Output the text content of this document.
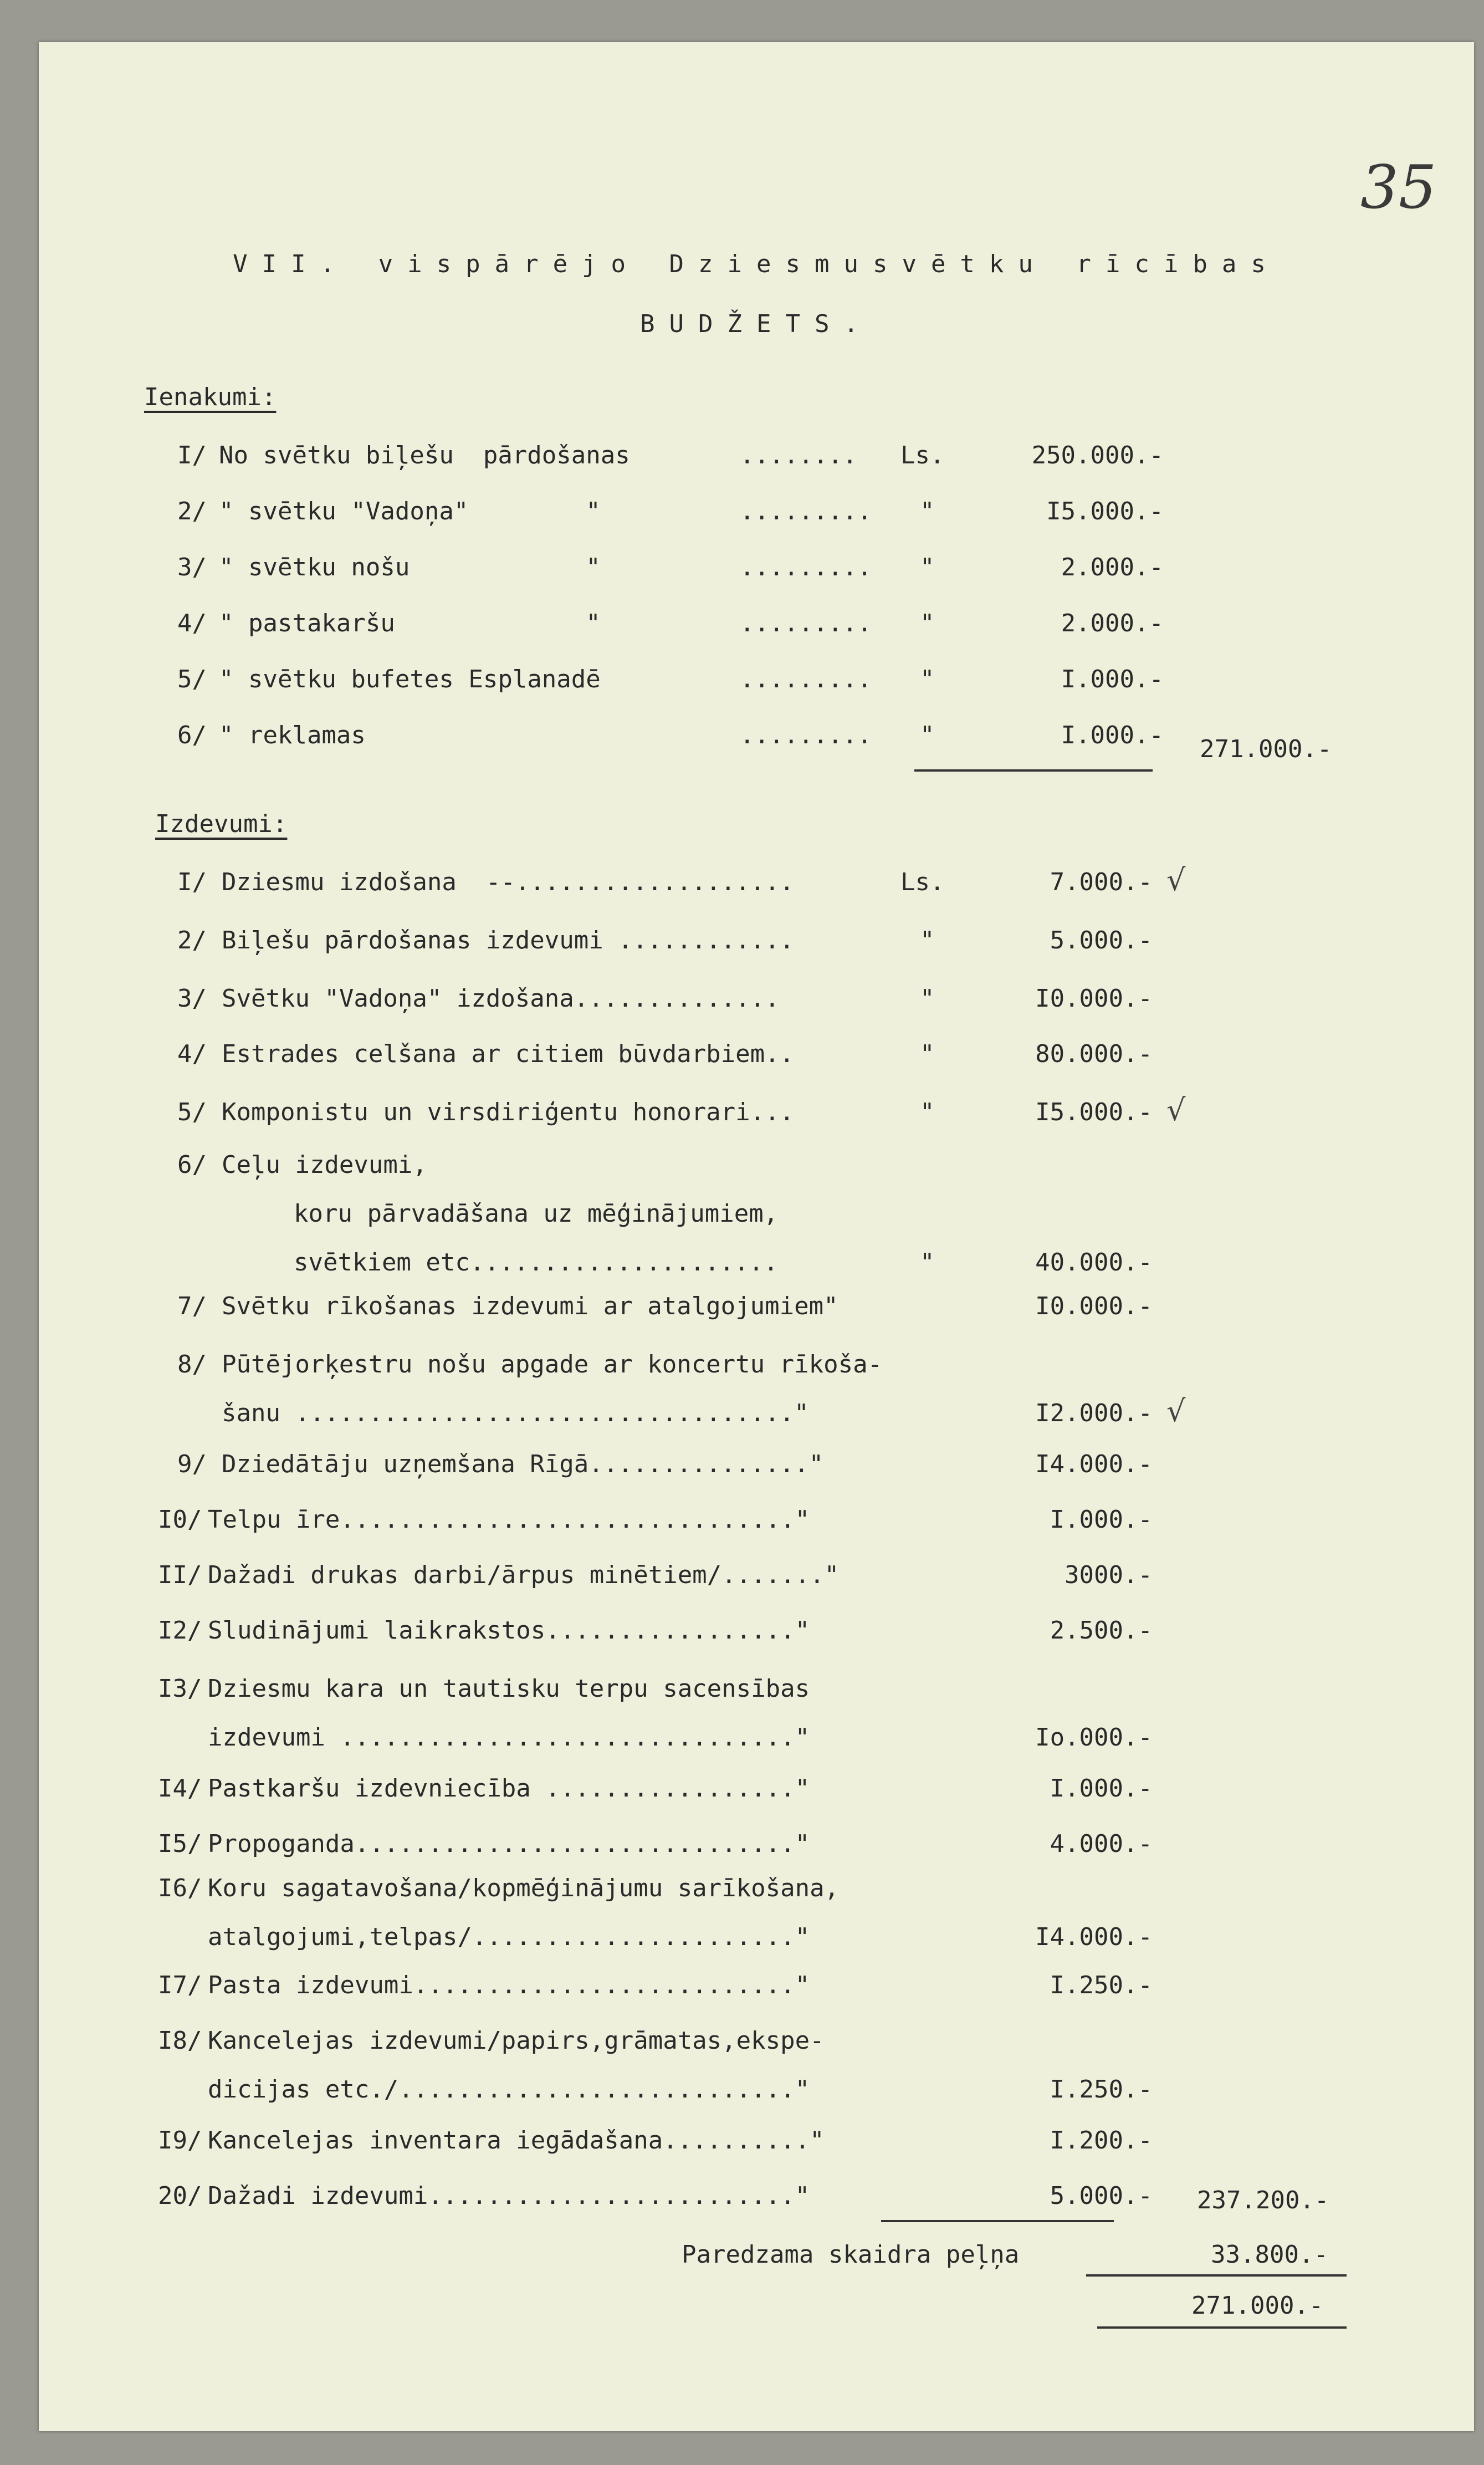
35
VII. vispārējo Dziesmusvētku rīcības
BUDŽETS.
Ienakumi:
I/ No svētku biļešu  pārdošanas	........ Ls.	250.000.-
2/ " svētku "Vadoņa"        "	......... "	I5.000.-
3/ " svētku nošu            "	......... "	2.000.-
4/ " pastakaršu             "	......... "	2.000.-
5/ " svētku bufetes Esplanadē	......... "	I.000.-
6/ " reklamas	......... "	I.000.- 271.000.-
Izdevumi:
I/ Dziesmu izdošana  --...................	Ls.	7.000.- √
2/ Biļešu pārdošanas izdevumi ............	"	5.000.-
3/ Svētku "Vadoņa" izdošana..............	"	I0.000.-
4/ Estrades celšana ar citiem būvdarbiem..	"	80.000.-
5/ Komponistu un virsdiriģentu honorari...	"	I5.000.- √
6/ Ceļu izdevumi,
koru pārvadāšana uz mēģinājumiem,
svētkiem etc.....................	"	40.000.-
7/ Svētku rīkošanas izdevumi ar atalgojumiem"	I0.000.-
8/ Pūtējorķestru nošu apgade ar koncertu rīkoša-
šanu .................................."	I2.000.- √
9/ Dziedātāju uzņemšana Rīgā..............."	I4.000.-
I0/ Telpu īre..............................."	I.000.-
II/ Dažadi drukas darbi/ārpus minētiem/......."	3000.-
I2/ Sludinājumi laikrakstos................."	2.500.-
I3/ Dziesmu kara un tautisku terpu sacensības
izdevumi ..............................."	Io.000.-
I4/ Pastkaršu izdevniecība ................."	I.000.-
I5/ Propoganda.............................."	4.000.-
I6/ Koru sagatavošana/kopmēģinājumu sarīkošana,
atalgojumi,telpas/......................"	I4.000.-
I7/ Pasta izdevumi.........................."	I.250.-
I8/ Kancelejas izdevumi/papirs,grāmatas,ekspe-
dicijas etc./..........................."	I.250.-
I9/ Kancelejas inventara iegādašana.........."	I.200.-
20/ Dažadi izdevumi........................."	5.000.- 237.200.-
Paredzama skaidra peļņa	33.800.-
271.000.-
